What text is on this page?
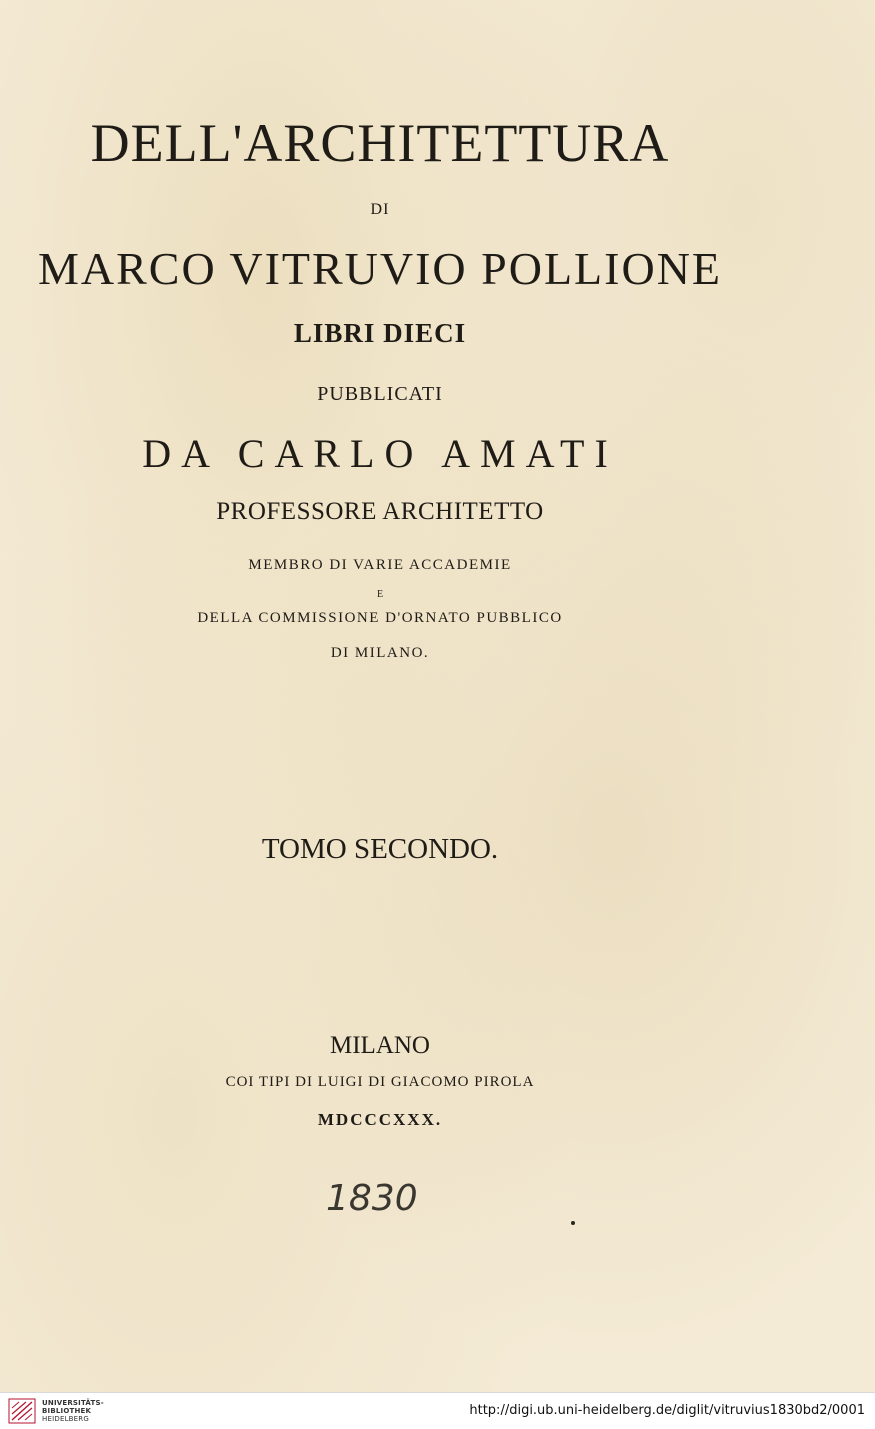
DELL'ARCHITETTURA
DI
MARCO VITRUVIO POLLIONE
LIBRI DIECI
PUBBLICATI
DA CARLO AMATI
PROFESSORE ARCHITETTO
MEMBRO DI VARIE ACCADEMIE
E
DELLA COMMISSIONE D'ORNATO PUBBLICO
DI MILANO.
TOMO SECONDO.
MILANO
COI TIPI DI LUIGI DI GIACOMO PIROLA
MDCCCXXX.
1830
UNIVERSITÄTS-
BIBLIOTHEK
HEIDELBERG
http://digi.ub.uni-heidelberg.de/diglit/vitruvius1830bd2/0001
